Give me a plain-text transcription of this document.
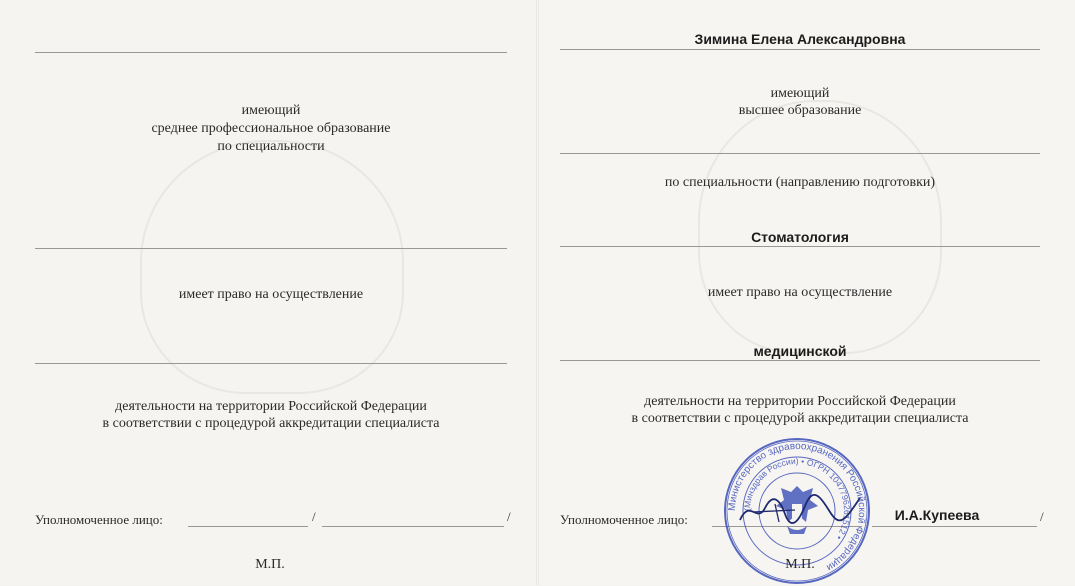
имеющий
среднее профессиональное образование
по специальности
имеет право на осуществление
деятельности на территории Российской Федерации
в соответствии с процедурой аккредитации специалиста
Уполномоченное лицо:	/	/
М.П.
Зимина Елена Александровна
имеющий
высшее образование
по специальности (направлению подготовки)
Стоматология
имеет право на осуществление
медицинской
деятельности на территории Российской Федерации
в соответствии с процедурой аккредитации специалиста
Уполномоченное лицо:	И.А.Купеева	/
Министерство здравоохранения Российской Федерации
(Минздрав России) • ОГРН 1047796261512 •
М.П.
